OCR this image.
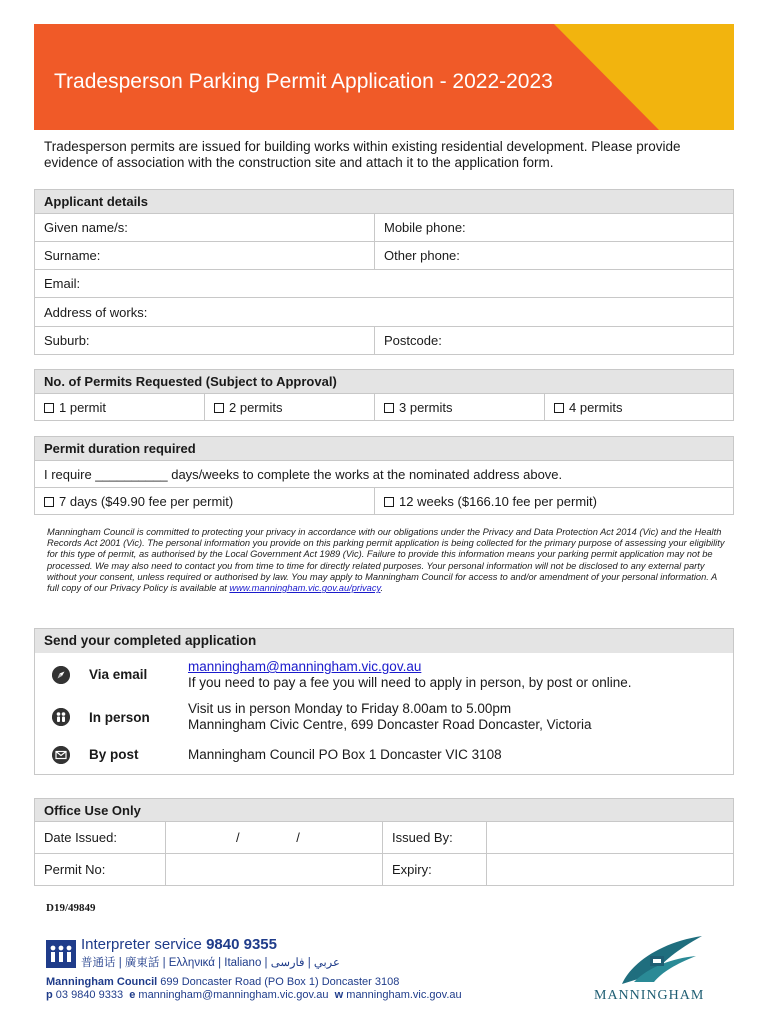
Tradesperson Parking Permit Application - 2022-2023
Tradesperson permits are issued for building works within existing residential development. Please provide evidence of association with the construction site and attach it to the application form.
Applicant details	
Given name/s:	Mobile phone:
Surname:	Other phone:
Email:	
Address of works:	
Suburb:	Postcode:
No. of Permits Requested (Subject to Approval)
1 permit	2 permits	3 permits	4 permits
Permit duration required
I require __________ days/weeks to complete the works at the nominated address above.
7 days ($49.90 fee per permit)	12 weeks ($166.10 fee per permit)
Manningham Council is committed to protecting your privacy in accordance with our obligations under the Privacy and Data Protection Act 2014 (Vic) and the Health Records Act 2001 (Vic). The personal information you provide on this parking permit application is being collected for the primary purpose of assessing your eligibility for this type of permit, as authorised by the Local Government Act 1989 (Vic). Failure to provide this information means your parking permit application may not be processed. We may also need to contact you from time to time for directly related purposes. Your personal information will not be disclosed to any external party without your consent, unless required or authorised by law. You may apply to Manningham Council for access to and/or amendment of your personal information. A full copy of our Privacy Policy is available at www.manningham.vic.gov.au/privacy.
Send your completed application
Via email
manningham@manningham.vic.gov.au
If you need to pay a fee you will need to apply in person, by post or online.
In person
Visit us in person Monday to Friday 8.00am to 5.00pm
Manningham Civic Centre, 699 Doncaster Road Doncaster, Victoria
By post	Manningham Council PO Box 1 Doncaster VIC 3108
Office Use Only			
Date Issued:	/ /	Issued By:	
Permit No:		Expiry:	
D19/49849
Interpreter service 9840 9355
普通话 | 廣東話 | Ελληνικά | Italiano | عربي | فارسی
Manningham Council 699 Doncaster Road (PO Box 1) Doncaster 3108
p 03 9840 9333 e manningham@manningham.vic.gov.au w manningham.vic.gov.au	MANNINGHAM
